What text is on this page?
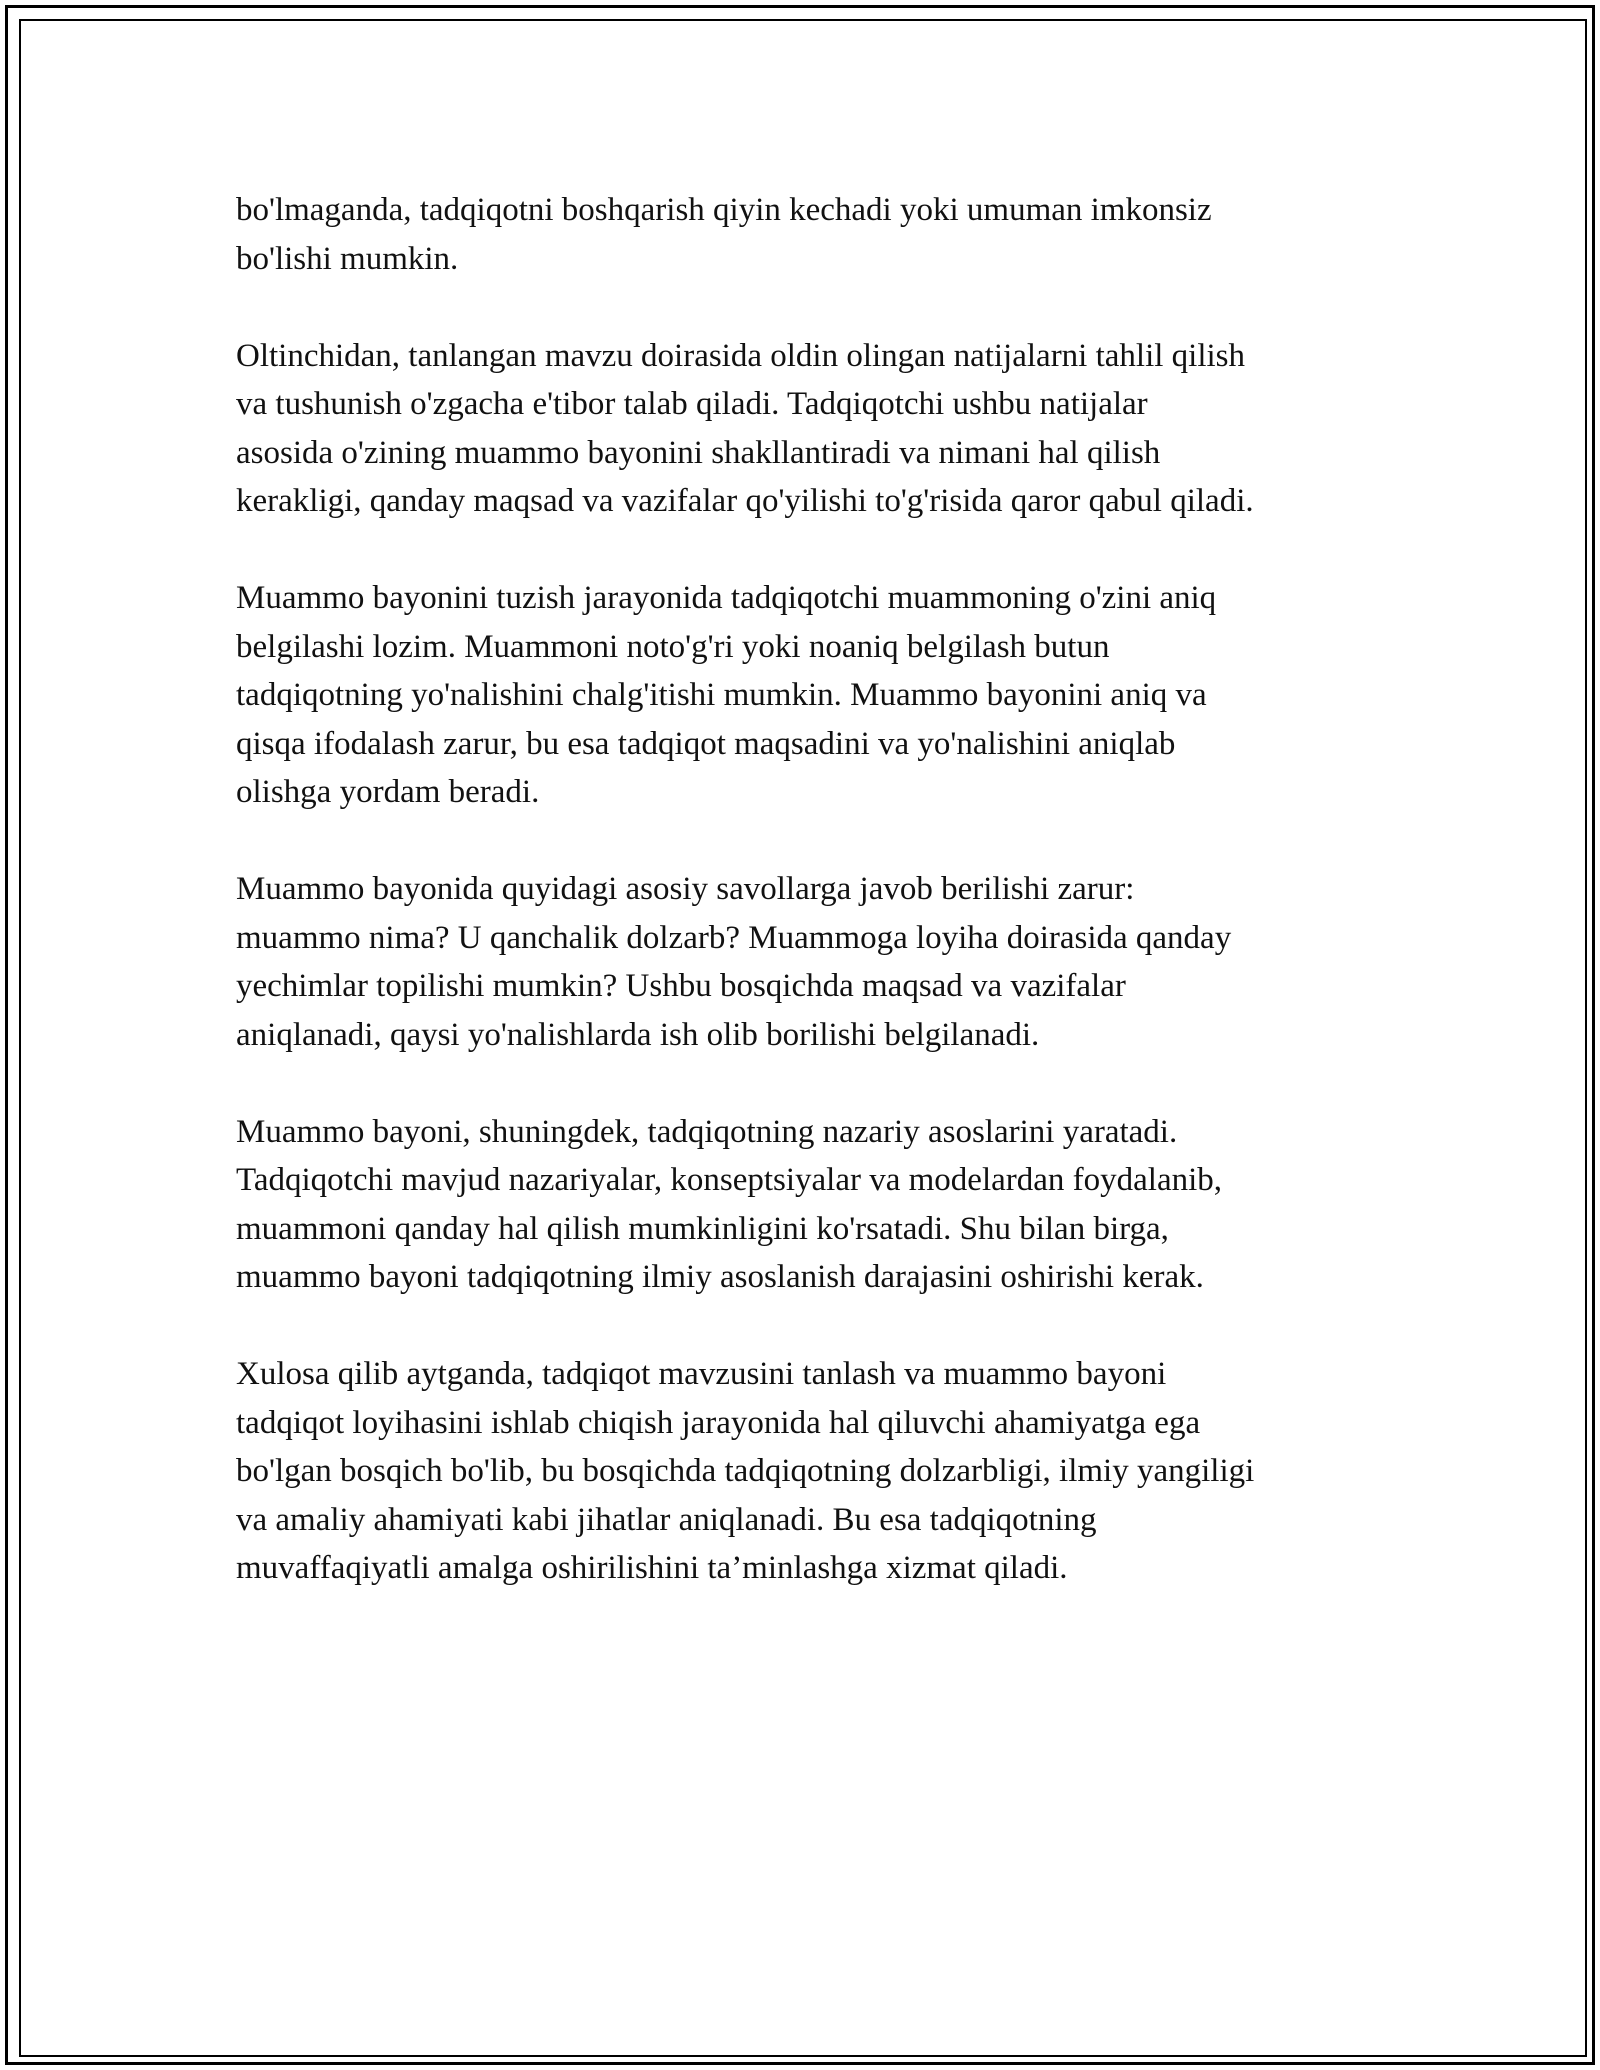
bo'lmaganda, tadqiqotni boshqarish qiyin kechadi yoki umuman imkonsiz
bo'lishi mumkin.

Oltinchidan, tanlangan mavzu doirasida oldin olingan natijalarni tahlil qilish
va tushunish o'zgacha e'tibor talab qiladi. Tadqiqotchi ushbu natijalar
asosida o'zining muammo bayonini shakllantiradi va nimani hal qilish
kerakligi, qanday maqsad va vazifalar qo'yilishi to'g'risida qaror qabul qiladi.

Muammo bayonini tuzish jarayonida tadqiqotchi muammoning o'zini aniq
belgilashi lozim. Muammoni noto'g'ri yoki noaniq belgilash butun
tadqiqotning yo'nalishini chalg'itishi mumkin. Muammo bayonini aniq va
qisqa ifodalash zarur, bu esa tadqiqot maqsadini va yo'nalishini aniqlab
olishga yordam beradi.

Muammo bayonida quyidagi asosiy savollarga javob berilishi zarur:
muammo nima? U qanchalik dolzarb? Muammoga loyiha doirasida qanday
yechimlar topilishi mumkin? Ushbu bosqichda maqsad va vazifalar
aniqlanadi, qaysi yo'nalishlarda ish olib borilishi belgilanadi.

Muammo bayoni, shuningdek, tadqiqotning nazariy asoslarini yaratadi.
Tadqiqotchi mavjud nazariyalar, konseptsiyalar va modelardan foydalanib,
muammoni qanday hal qilish mumkinligini ko'rsatadi. Shu bilan birga,
muammo bayoni tadqiqotning ilmiy asoslanish darajasini oshirishi kerak.

Xulosa qilib aytganda, tadqiqot mavzusini tanlash va muammo bayoni
tadqiqot loyihasini ishlab chiqish jarayonida hal qiluvchi ahamiyatga ega
bo'lgan bosqich bo'lib, bu bosqichda tadqiqotning dolzarbligi, ilmiy yangiligi
va amaliy ahamiyati kabi jihatlar aniqlanadi. Bu esa tadqiqotning
muvaffaqiyatli amalga oshirilishini ta’minlashga xizmat qiladi.
